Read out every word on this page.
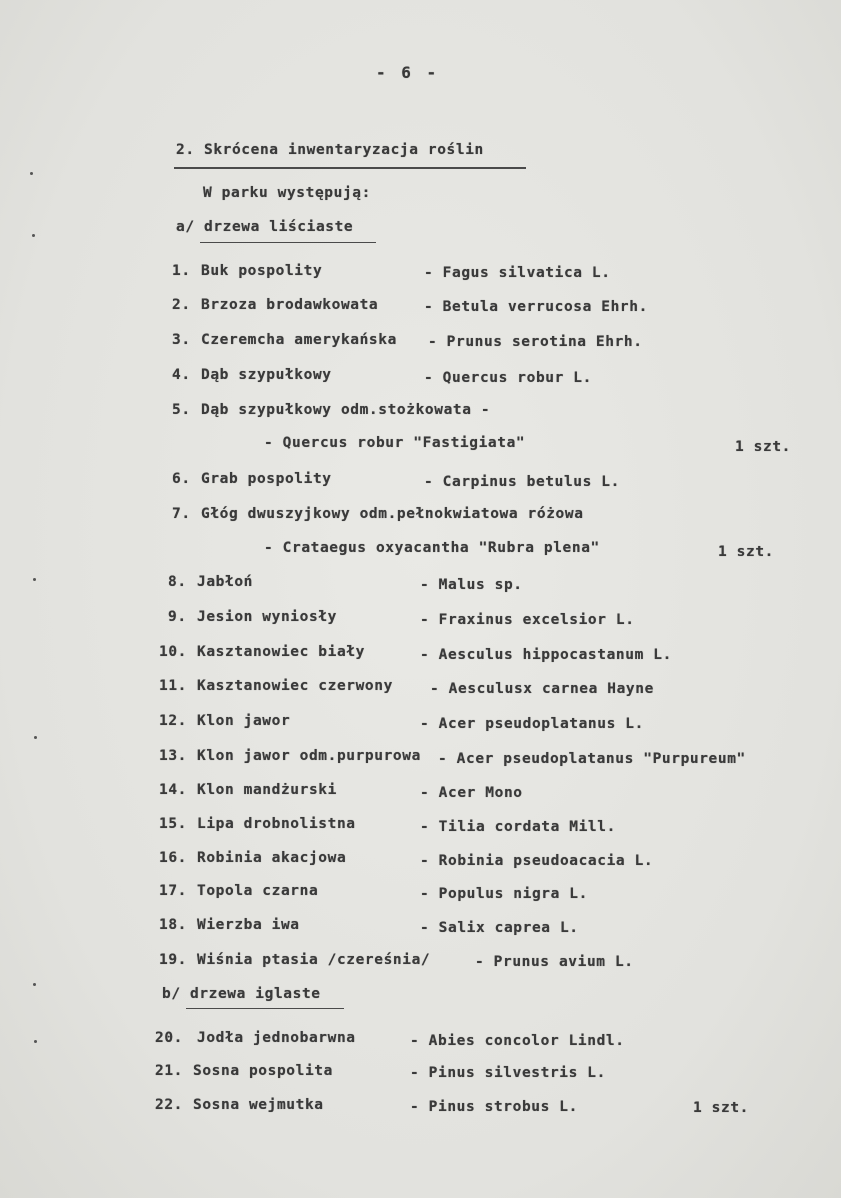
- 6 -
2. Skrócena inwentaryzacja roślin
W parku występują:
a/ drzewa liściaste
1. Buk pospolity	- Fagus silvatica L.
2. Brzoza brodawkowata	- Betula verrucosa Ehrh.
3. Czeremcha amerykańska - Prunus serotina Ehrh.
4. Dąb szypułkowy	- Quercus robur L.
5. Dąb szypułkowy odm.stożkowata -
- Quercus robur "Fastigiata"	1 szt.
6. Grab pospolity	- Carpinus betulus L.
7. Głóg dwuszyjkowy odm.pełnokwiatowa różowa
- Crataegus oxyacantha "Rubra plena"	1 szt.
8. Jabłoń	- Malus sp.
9. Jesion wyniosły	- Fraxinus excelsior L.
10. Kasztanowiec biały	- Aesculus hippocastanum L.
11. Kasztanowiec czerwony	- Aesculusx carnea Hayne
12. Klon jawor	- Acer pseudoplatanus L.
13. Klon jawor odm.purpurowa - Acer pseudoplatanus "Purpureum"
14. Klon mandżurski	- Acer Mono
15. Lipa drobnolistna	- Tilia cordata Mill.
16. Robinia akacjowa	- Robinia pseudoacacia L.
17. Topola czarna	- Populus nigra L.
18. Wierzba iwa	- Salix caprea L.
19. Wiśnia ptasia /czereśnia/	- Prunus avium L.
b/ drzewa iglaste
20. Jodła jednobarwna	- Abies concolor Lindl.
21. Sosna pospolita	- Pinus silvestris L.
22. Sosna wejmutka	- Pinus strobus L.	1 szt.
